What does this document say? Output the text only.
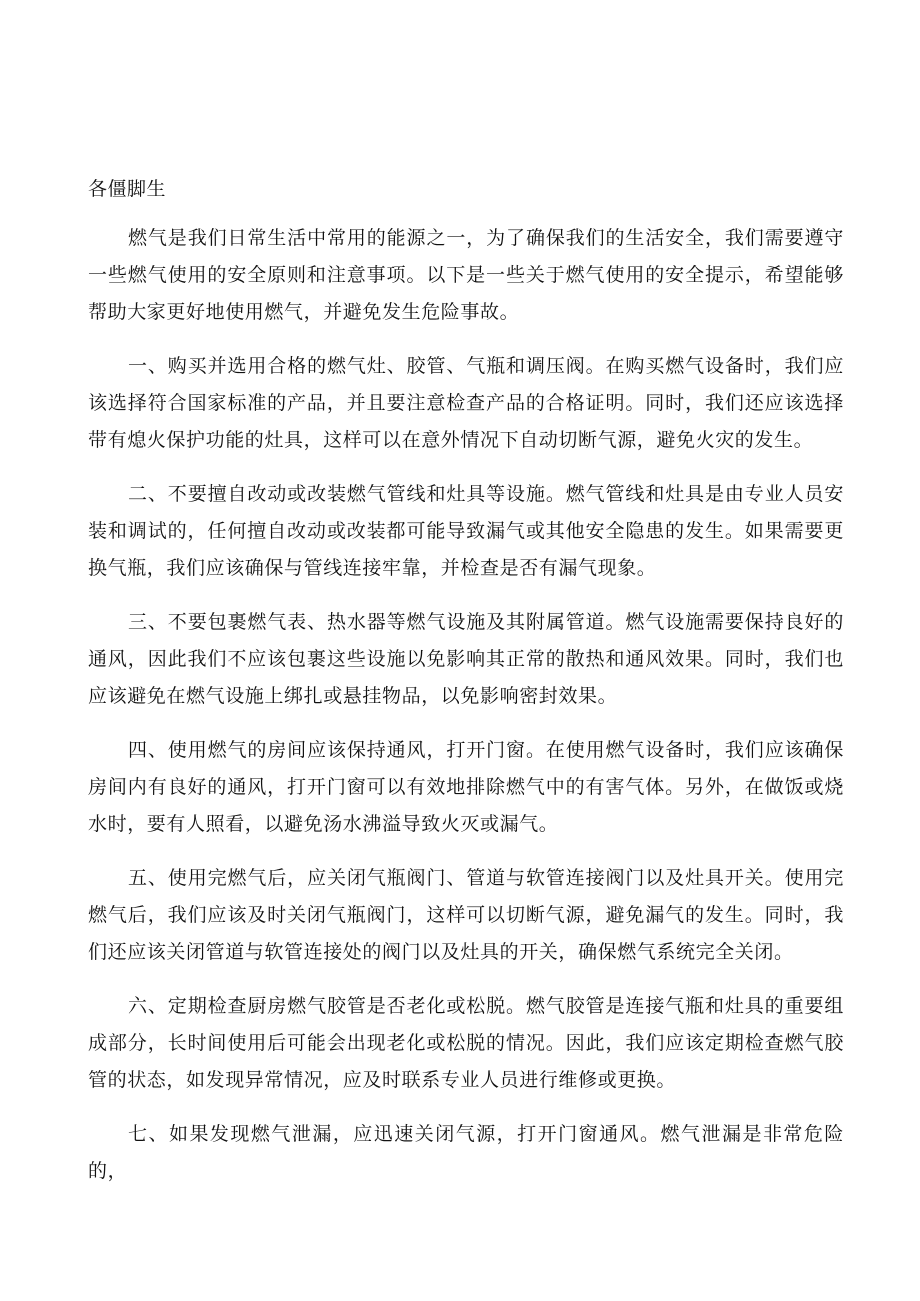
各僵脚生

燃气是我们日常生活中常用的能源之一，为了确保我们的生活安全，我们需要遵守一些燃气使用的安全原则和注意事项。以下是一些关于燃气使用的安全提示，希望能够帮助大家更好地使用燃气，并避免发生危险事故。

一、购买并选用合格的燃气灶、胶管、气瓶和调压阀。在购买燃气设备时，我们应该选择符合国家标准的产品，并且要注意检查产品的合格证明。同时，我们还应该选择带有熄火保护功能的灶具，这样可以在意外情况下自动切断气源，避免火灾的发生。

二、不要擅自改动或改装燃气管线和灶具等设施。燃气管线和灶具是由专业人员安装和调试的，任何擅自改动或改装都可能导致漏气或其他安全隐患的发生。如果需要更换气瓶，我们应该确保与管线连接牢靠，并检查是否有漏气现象。

三、不要包裹燃气表、热水器等燃气设施及其附属管道。燃气设施需要保持良好的通风，因此我们不应该包裹这些设施以免影响其正常的散热和通风效果。同时，我们也应该避免在燃气设施上绑扎或悬挂物品，以免影响密封效果。

四、使用燃气的房间应该保持通风，打开门窗。在使用燃气设备时，我们应该确保房间内有良好的通风，打开门窗可以有效地排除燃气中的有害气体。另外，在做饭或烧水时，要有人照看，以避免汤水沸溢导致火灭或漏气。

五、使用完燃气后，应关闭气瓶阀门、管道与软管连接阀门以及灶具开关。使用完燃气后，我们应该及时关闭气瓶阀门，这样可以切断气源，避免漏气的发生。同时，我们还应该关闭管道与软管连接处的阀门以及灶具的开关，确保燃气系统完全关闭。

六、定期检查厨房燃气胶管是否老化或松脱。燃气胶管是连接气瓶和灶具的重要组成部分，长时间使用后可能会出现老化或松脱的情况。因此，我们应该定期检查燃气胶管的状态，如发现异常情况，应及时联系专业人员进行维修或更换。

七、如果发现燃气泄漏，应迅速关闭气源，打开门窗通风。燃气泄漏是非常危险的，
